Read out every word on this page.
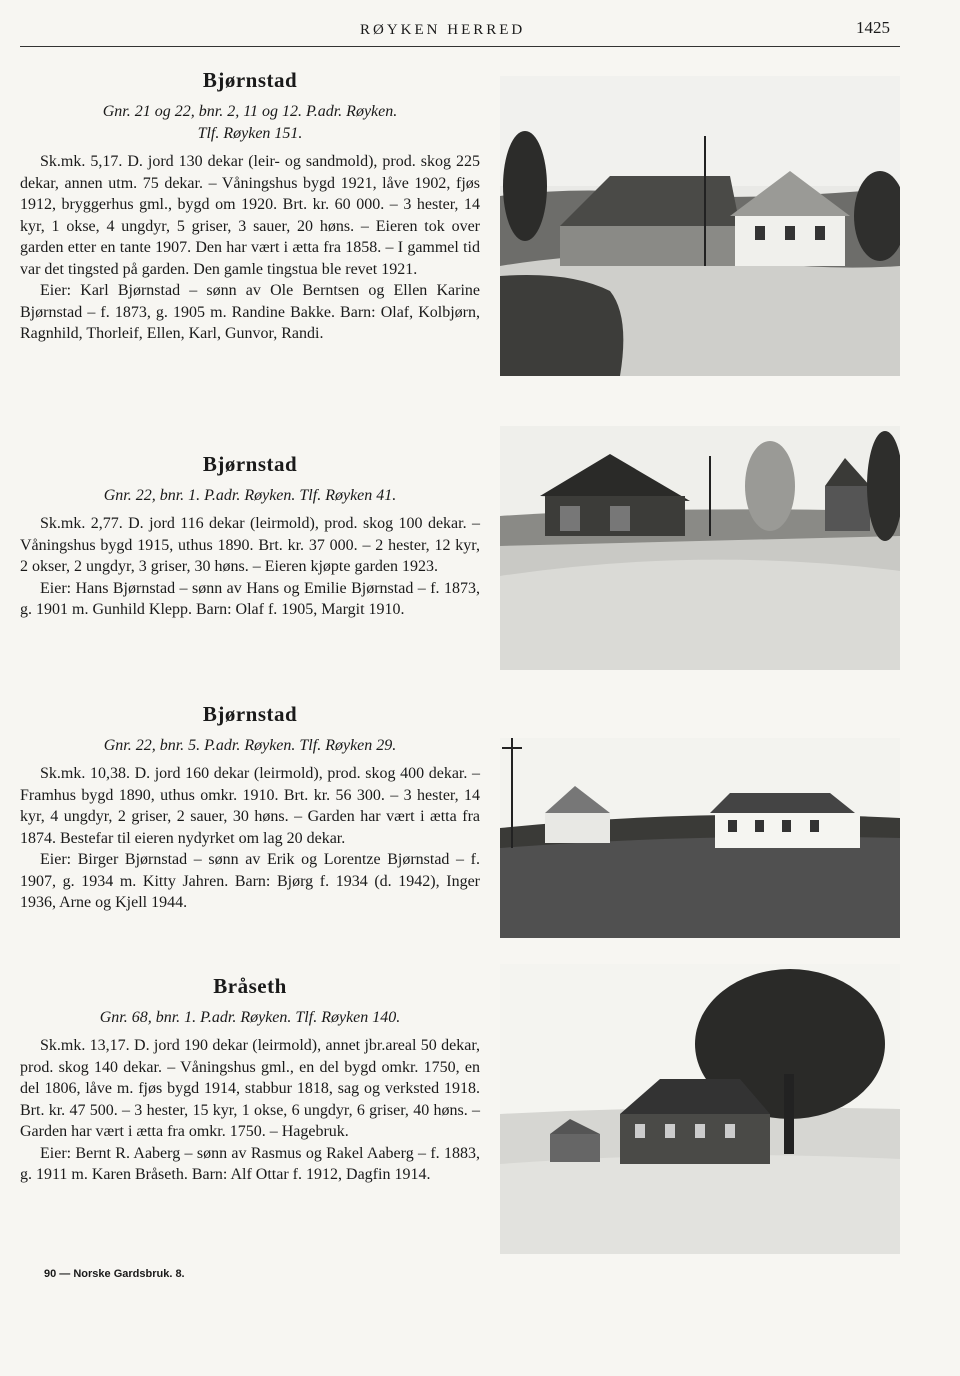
RØYKEN HERRED	1425
Bjørnstad
Gnr. 21 og 22, bnr. 2, 11 og 12. P.adr. Røyken.
Tlf. Røyken 151.

Sk.mk. 5,17. D. jord 130 dekar (leir- og sandmold), prod. skog 225 dekar, annen utm. 75 dekar. – Våningshus bygd 1921, låve 1902, fjøs 1912, bryggerhus gml., bygd om 1920. Brt. kr. 60 000. – 3 hester, 14 kyr, 1 okse, 4 ungdyr, 5 griser, 3 sauer, 20 høns. – Eieren tok over garden etter en tante 1907. Den har vært i ætta fra 1858. – I gammel tid var det tingsted på garden. Den gamle tingstua ble revet 1921.

Eier: Karl Bjørnstad – sønn av Ole Berntsen og Ellen Karine Bjørnstad – f. 1873, g. 1905 m. Randine Bakke. Barn: Olaf, Kolbjørn, Ragnhild, Thorleif, Ellen, Karl, Gunvor, Randi.

Bjørnstad
Gnr. 22, bnr. 1. P.adr. Røyken. Tlf. Røyken 41.

Sk.mk. 2,77. D. jord 116 dekar (leirmold), prod. skog 100 dekar. – Våningshus bygd 1915, uthus 1890. Brt. kr. 37 000. – 2 hester, 12 kyr, 2 okser, 2 ungdyr, 3 griser, 30 høns. – Eieren kjøpte garden 1923.

Eier: Hans Bjørnstad – sønn av Hans og Emilie Bjørnstad – f. 1873, g. 1901 m. Gunhild Klepp. Barn: Olaf f. 1905, Margit 1910.

Bjørnstad
Gnr. 22, bnr. 5. P.adr. Røyken. Tlf. Røyken 29.

Sk.mk. 10,38. D. jord 160 dekar (leirmold), prod. skog 400 dekar. – Framhus bygd 1890, uthus omkr. 1910. Brt. kr. 56 300. – 3 hester, 14 kyr, 4 ungdyr, 2 griser, 2 sauer, 30 høns. – Garden har vært i ætta fra 1874. Bestefar til eieren nydyrket om lag 20 dekar.

Eier: Birger Bjørnstad – sønn av Erik og Lorentze Bjørnstad – f. 1907, g. 1934 m. Kitty Jahren. Barn: Bjørg f. 1934 (d. 1942), Inger 1936, Arne og Kjell 1944.

Bråseth
Gnr. 68, bnr. 1. P.adr. Røyken. Tlf. Røyken 140.

Sk.mk. 13,17. D. jord 190 dekar (leirmold), annet jbr.areal 50 dekar, prod. skog 140 dekar. – Våningshus gml., en del bygd omkr. 1750, en del 1806, låve m. fjøs bygd 1914, stabbur 1818, sag og verksted 1918. Brt. kr. 47 500. – 3 hester, 15 kyr, 1 okse, 6 ungdyr, 6 griser, 40 høns. – Garden har vært i ætta fra omkr. 1750. – Hagebruk.

Eier: Bernt R. Aaberg – sønn av Rasmus og Rakel Aaberg – f. 1883, g. 1911 m. Karen Bråseth. Barn: Alf Ottar f. 1912, Dagfin 1914.

90 — Norske Gardsbruk. 8.
